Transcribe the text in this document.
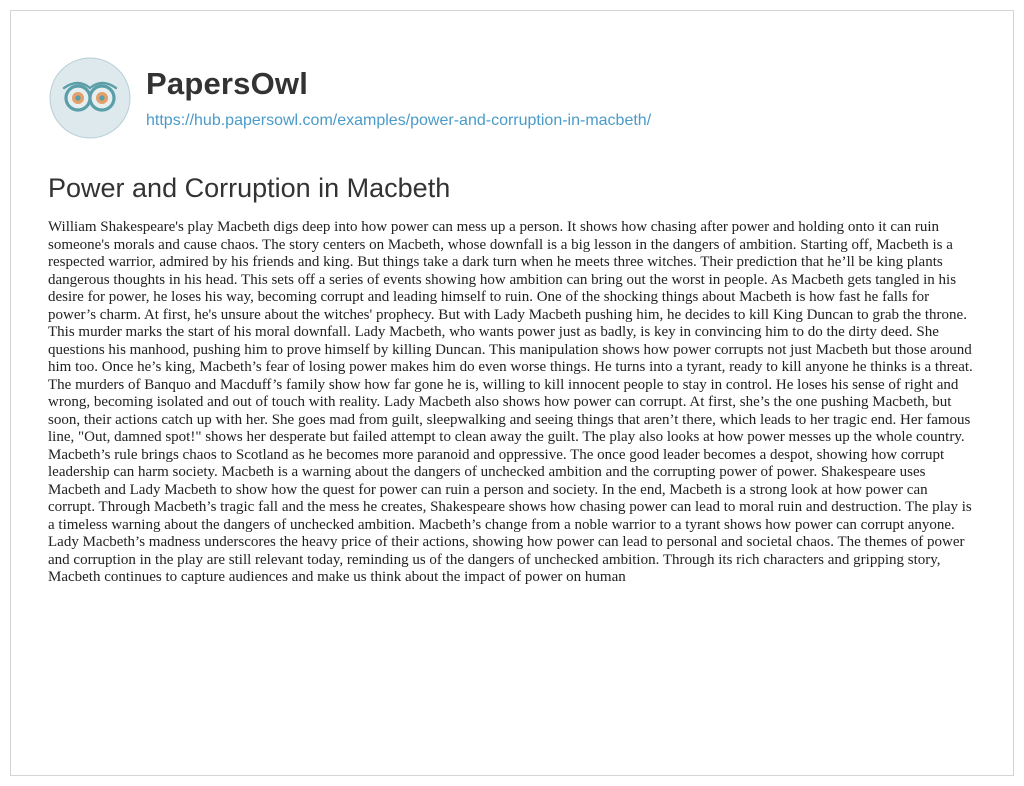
PapersOwl
https://hub.papersowl.com/examples/power-and-corruption-in-macbeth/
Power and Corruption in Macbeth

William Shakespeare's play Macbeth digs deep into how power can mess up a person. It shows how chasing after power and holding onto it can ruin someone's morals and cause chaos. The story centers on Macbeth, whose downfall is a big lesson in the dangers of ambition. Starting off, Macbeth is a respected warrior, admired by his friends and king. But things take a dark turn when he meets three witches. Their prediction that he’ll be king plants dangerous thoughts in his head. This sets off a series of events showing how ambition can bring out the worst in people. As Macbeth gets tangled in his desire for power, he loses his way, becoming corrupt and leading himself to ruin. One of the shocking things about Macbeth is how fast he falls for power’s charm. At first, he's unsure about the witches' prophecy. But with Lady Macbeth pushing him, he decides to kill King Duncan to grab the throne. This murder marks the start of his moral downfall. Lady Macbeth, who wants power just as badly, is key in convincing him to do the dirty deed. She questions his manhood, pushing him to prove himself by killing Duncan. This manipulation shows how power corrupts not just Macbeth but those around him too. Once he’s king, Macbeth’s fear of losing power makes him do even worse things. He turns into a tyrant, ready to kill anyone he thinks is a threat. The murders of Banquo and Macduff’s family show how far gone he is, willing to kill innocent people to stay in control. He loses his sense of right and wrong, becoming isolated and out of touch with reality. Lady Macbeth also shows how power can corrupt. At first, she’s the one pushing Macbeth, but soon, their actions catch up with her. She goes mad from guilt, sleepwalking and seeing things that aren’t there, which leads to her tragic end. Her famous line, "Out, damned spot!" shows her desperate but failed attempt to clean away the guilt. The play also looks at how power messes up the whole country. Macbeth’s rule brings chaos to Scotland as he becomes more paranoid and oppressive. The once good leader becomes a despot, showing how corrupt leadership can harm society. Macbeth is a warning about the dangers of unchecked ambition and the corrupting power of power. Shakespeare uses Macbeth and Lady Macbeth to show how the quest for power can ruin a person and society. In the end, Macbeth is a strong look at how power can corrupt. Through Macbeth’s tragic fall and the mess he creates, Shakespeare shows how chasing power can lead to moral ruin and destruction. The play is a timeless warning about the dangers of unchecked ambition. Macbeth’s change from a noble warrior to a tyrant shows how power can corrupt anyone. Lady Macbeth’s madness underscores the heavy price of their actions, showing how power can lead to personal and societal chaos. The themes of power and corruption in the play are still relevant today, reminding us of the dangers of unchecked ambition. Through its rich characters and gripping story, Macbeth continues to capture audiences and make us think about the impact of power on human
